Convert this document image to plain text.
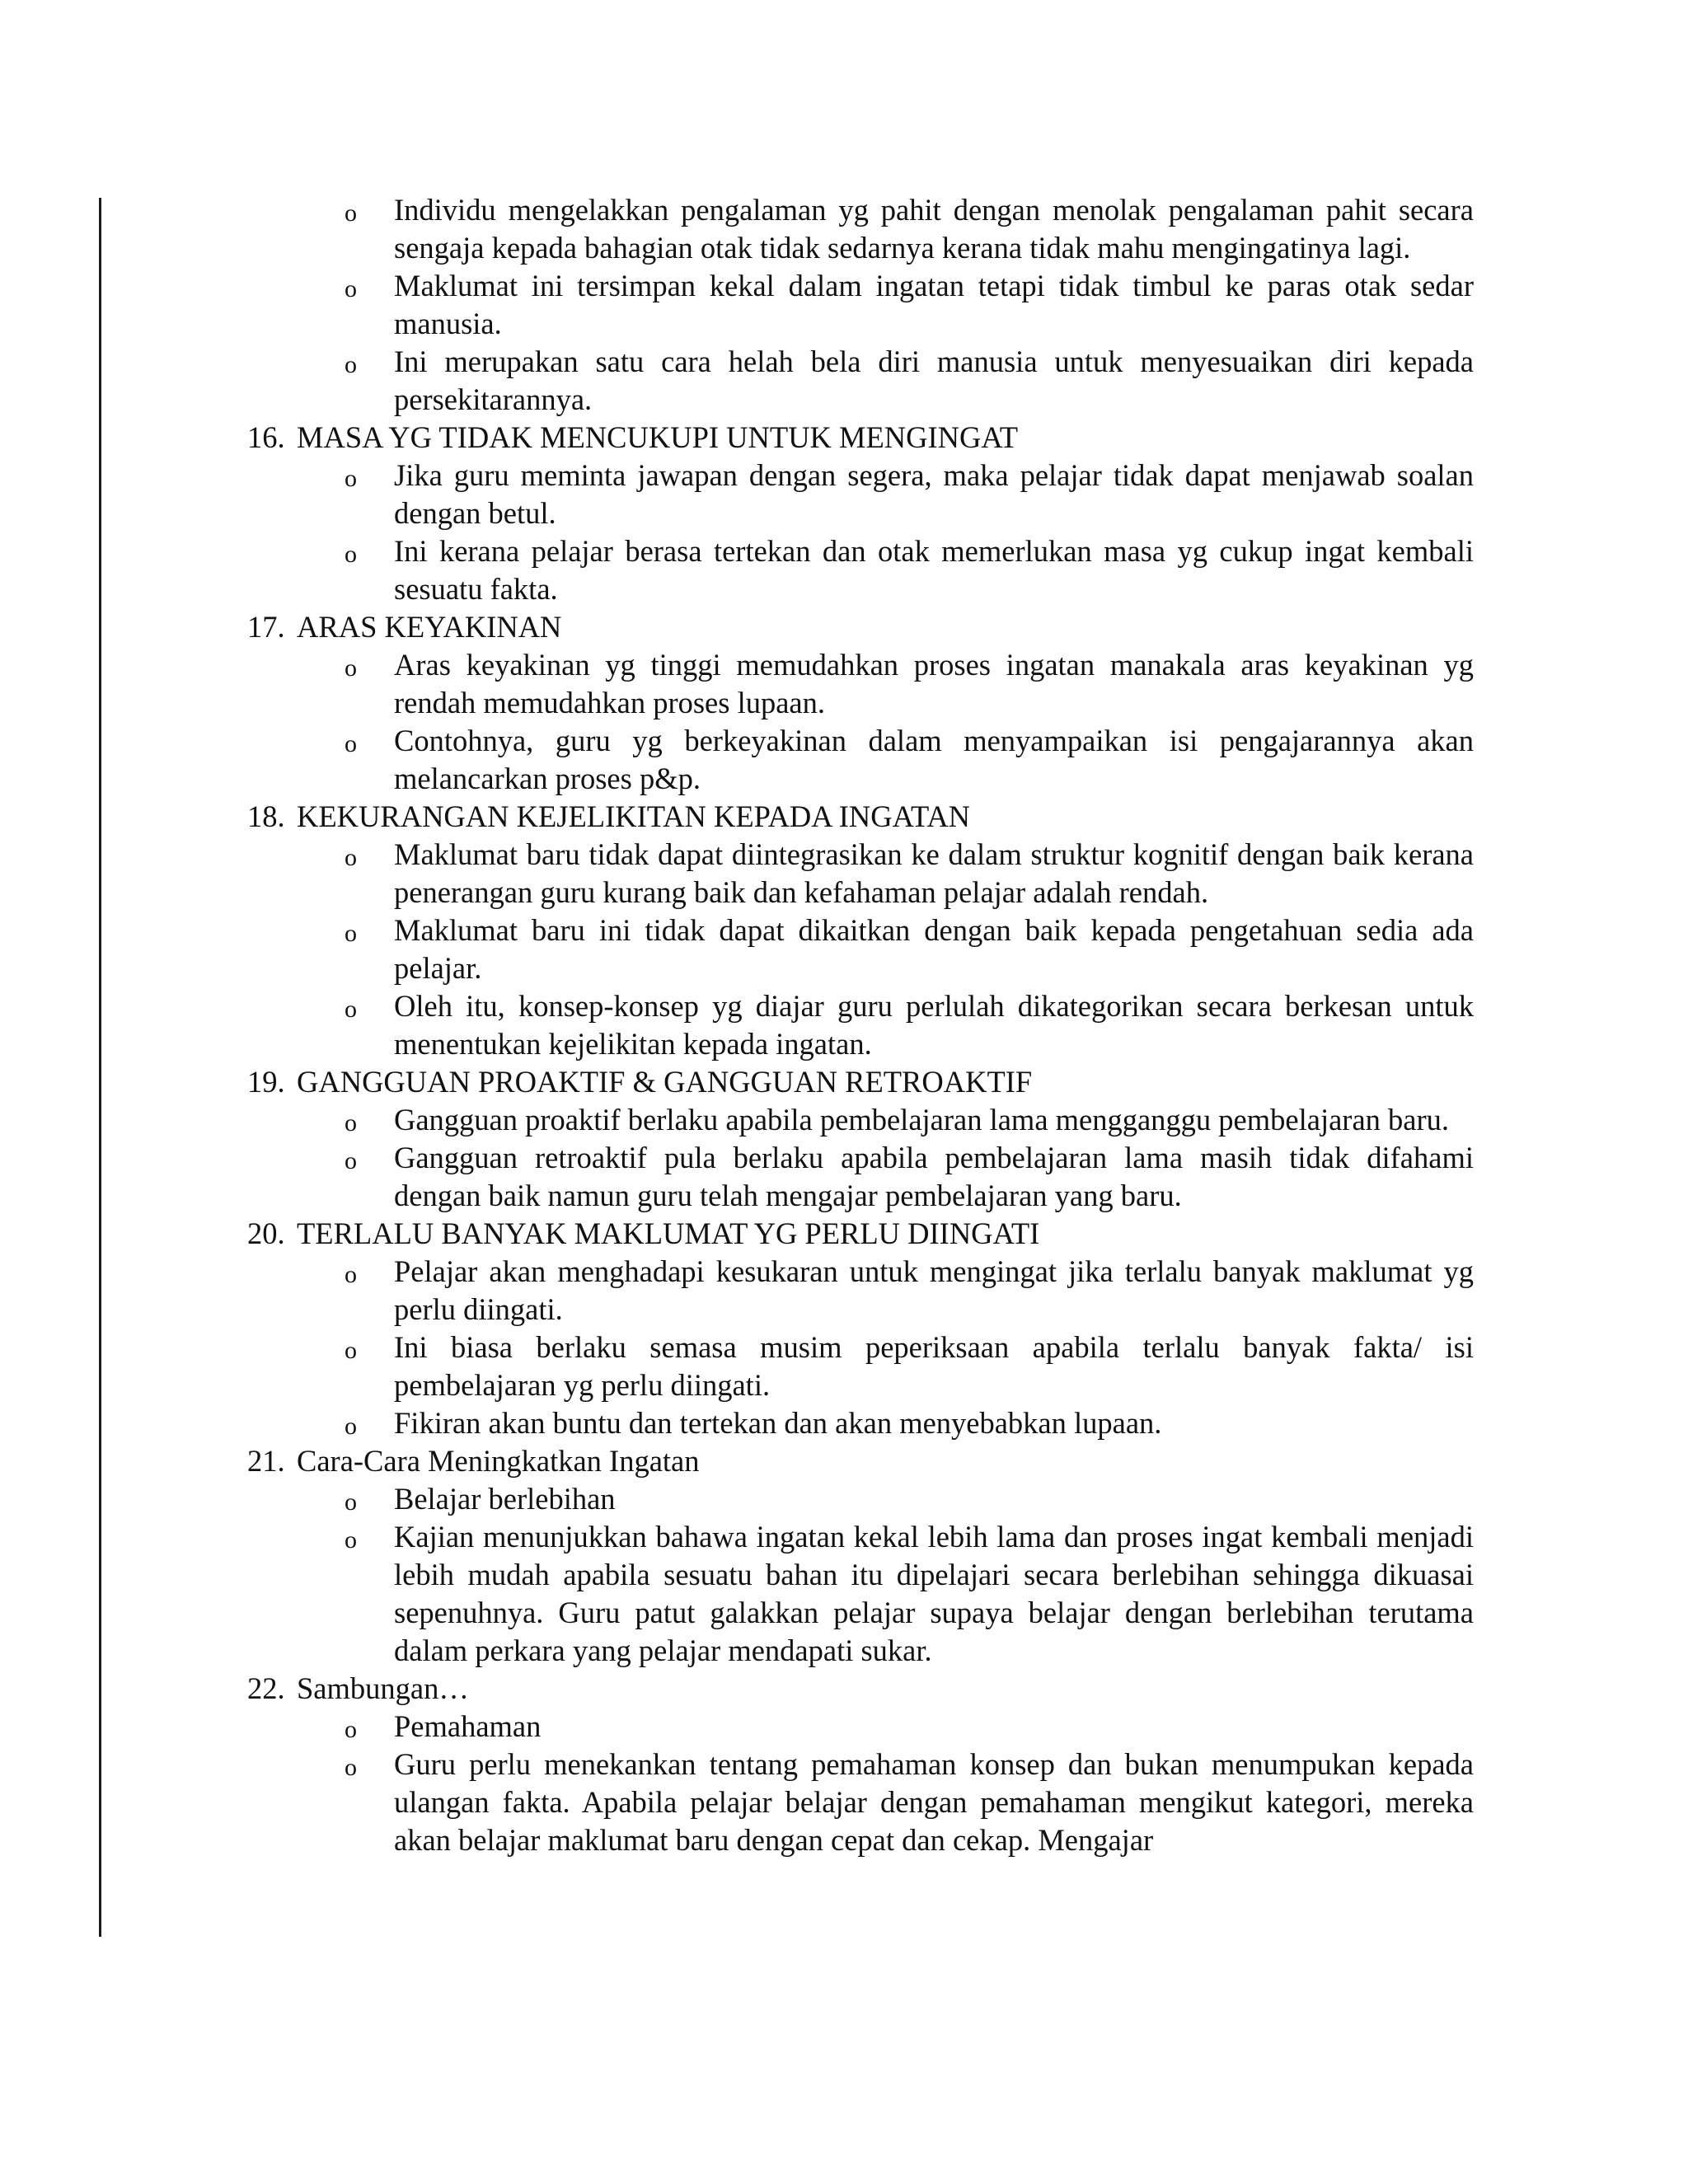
o Individu mengelakkan pengalaman yg pahit dengan menolak pengalaman pahit secara sengaja kepada bahagian otak tidak sedarnya kerana tidak mahu mengingatinya lagi.
o Maklumat ini tersimpan kekal dalam ingatan tetapi tidak timbul ke paras otak sedar manusia.
o Ini merupakan satu cara helah bela diri manusia untuk menyesuaikan diri kepada persekitarannya.
16. MASA YG TIDAK MENCUKUPI UNTUK MENGINGAT
o Jika guru meminta jawapan dengan segera, maka pelajar tidak dapat menjawab soalan dengan betul.
o Ini kerana pelajar berasa tertekan dan otak memerlukan masa yg cukup ingat kembali sesuatu fakta.
17. ARAS KEYAKINAN
o Aras keyakinan yg tinggi memudahkan proses ingatan manakala aras keyakinan yg rendah memudahkan proses lupaan.
o Contohnya, guru yg berkeyakinan dalam menyampaikan isi pengajarannya akan melancarkan proses p&p.
18. KEKURANGAN KEJELIKITAN KEPADA INGATAN
o Maklumat baru tidak dapat diintegrasikan ke dalam struktur kognitif dengan baik kerana penerangan guru kurang baik dan kefahaman pelajar adalah rendah.
o Maklumat baru ini tidak dapat dikaitkan dengan baik kepada pengetahuan sedia ada pelajar.
o Oleh itu, konsep-konsep yg diajar guru perlulah dikategorikan secara berkesan untuk menentukan kejelikitan kepada ingatan.
19. GANGGUAN PROAKTIF & GANGGUAN RETROAKTIF
o Gangguan proaktif berlaku apabila pembelajaran lama mengganggu pembelajaran baru.
o Gangguan retroaktif pula berlaku apabila pembelajaran lama masih tidak difahami dengan baik namun guru telah mengajar pembelajaran yang baru.
20. TERLALU BANYAK MAKLUMAT YG PERLU DIINGATI
o Pelajar akan menghadapi kesukaran untuk mengingat jika terlalu banyak maklumat yg perlu diingati.
o Ini biasa berlaku semasa musim peperiksaan apabila terlalu banyak fakta/ isi pembelajaran yg perlu diingati.
o Fikiran akan buntu dan tertekan dan akan menyebabkan lupaan.
21. Cara-Cara Meningkatkan Ingatan
o Belajar berlebihan
o Kajian menunjukkan bahawa ingatan kekal lebih lama dan proses ingat kembali menjadi lebih mudah apabila sesuatu bahan itu dipelajari secara berlebihan sehingga dikuasai sepenuhnya. Guru patut galakkan pelajar supaya belajar dengan berlebihan terutama dalam perkara yang pelajar mendapati sukar.
22. Sambungan…
o Pemahaman
o Guru perlu menekankan tentang pemahaman konsep dan bukan menumpukan kepada ulangan fakta. Apabila pelajar belajar dengan pemahaman mengikut kategori, mereka akan belajar maklumat baru dengan cepat dan cekap. Mengajar
